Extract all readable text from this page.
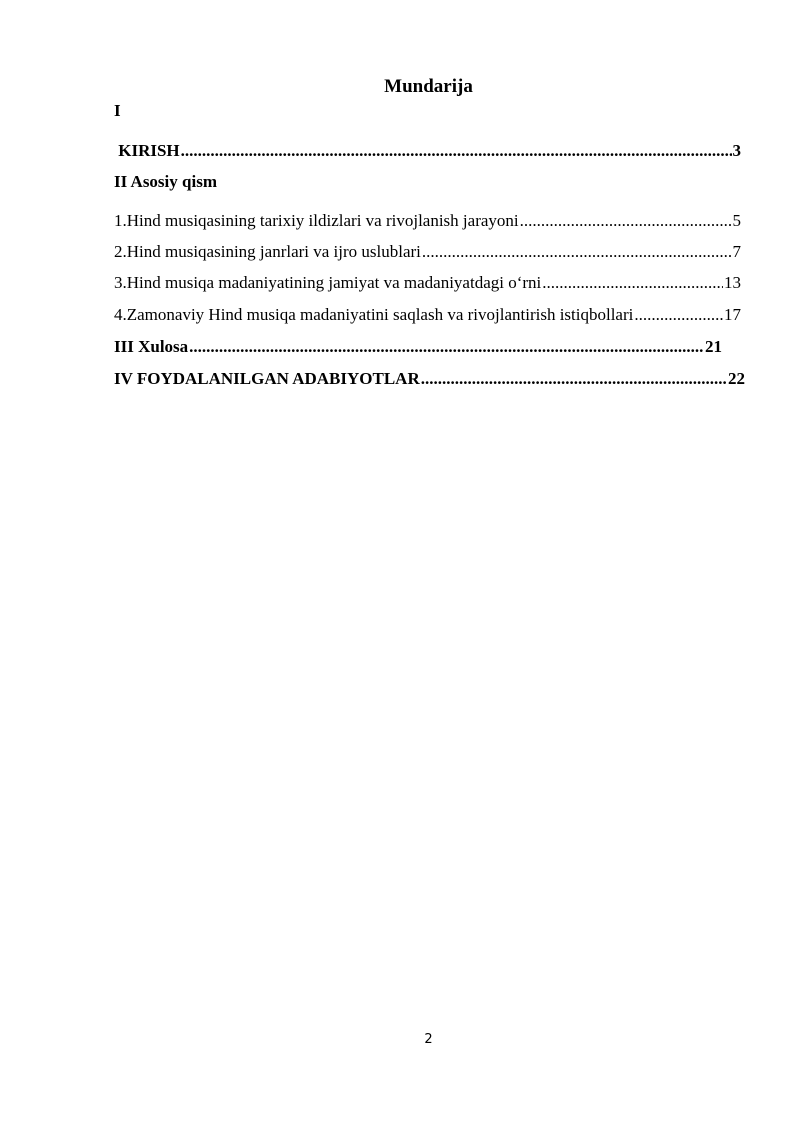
Mundarija
I
KIRISH .....	3
II Asosiy qism
1.Hind musiqasining tarixiy ildizlari va rivojlanish jarayoni .....	5
2.Hind musiqasining janrlari va ijro uslublari .....	7
3.Hind musiqa madaniyatining jamiyat va madaniyatdagi o‘rni .....	13
4.Zamonaviy Hind musiqa madaniyatini saqlash va rivojlantirish istiqbollari .....	17
III Xulosa .....	21
IV FOYDALANILGAN ADABIYOTLAR .....	22
2
